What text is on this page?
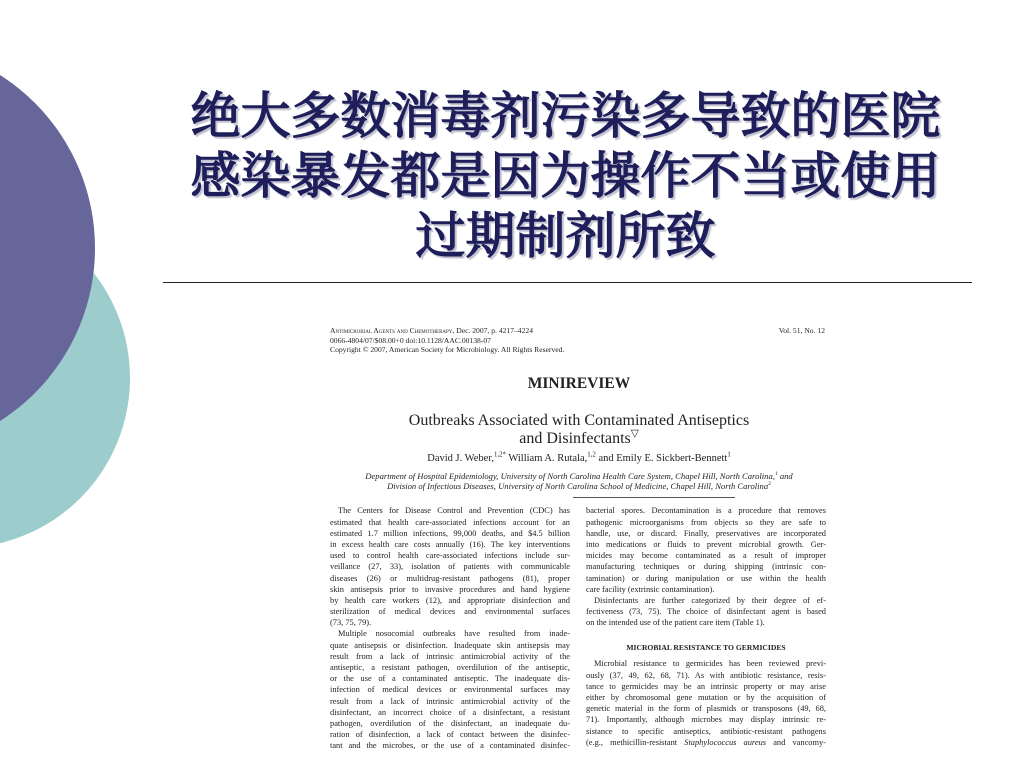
绝大多数消毒剂污染多导致的医院
感染暴发都是因为操作不当或使用
过期制剂所致
Antimicrobial Agents and Chemotherapy, Dec. 2007, p. 4217–4224
0066-4804/07/$08.00+0 doi:10.1128/AAC.00138-07
Copyright © 2007, American Society for Microbiology. All Rights Reserved.
Vol. 51, No. 12
MINIREVIEW
Outbreaks Associated with Contaminated Antiseptics
and Disinfectants▽
David J. Weber,$^{1,2*}$ William A. Rutala,$^{1,2}$ and Emily E. Sickbert-Bennett$^1$
Department of Hospital Epidemiology, University of North Carolina Health Care System, Chapel Hill, North Carolina,$^1$ and
Division of Infectious Diseases, University of North Carolina School of Medicine, Chapel Hill, North Carolina$^2$
The Centers for Disease Control and Prevention (CDC) has
estimated that health care-associated infections account for an
estimated 1.7 million infections, 99,000 deaths, and $4.5 billion
in excess health care costs annually (16). The key interventions
used to control health care-associated infections include sur-
veillance (27, 33), isolation of patients with communicable
diseases (26) or multidrug-resistant pathogens (81), proper
skin antisepsis prior to invasive procedures and hand hygiene
by health care workers (12), and appropriate disinfection and
sterilization of medical devices and environmental surfaces
(73, 75, 79).
Multiple nosocomial outbreaks have resulted from inade-
quate antisepsis or disinfection. Inadequate skin antisepsis may
result from a lack of intrinsic antimicrobial activity of the
antiseptic, a resistant pathogen, overdilution of the antiseptic,
or the use of a contaminated antiseptic. The inadequate dis-
infection of medical devices or environmental surfaces may
result from a lack of intrinsic antimicrobial activity of the
disinfectant, an incorrect choice of a disinfectant, a resistant
pathogen, overdilution of the disinfectant, an inadequate du-
ration of disinfection, a lack of contact between the disinfec-
tant and the microbes, or the use of a contaminated disinfec-
bacterial spores. Decontamination is a procedure that removes
pathogenic microorganisms from objects so they are safe to
handle, use, or discard. Finally, preservatives are incorporated
into medications or fluids to prevent microbial growth. Ger-
micides may become contaminated as a result of improper
manufacturing techniques or during shipping (intrinsic con-
tamination) or during manipulation or use within the health
care facility (extrinsic contamination).
Disinfectants are further categorized by their degree of ef-
fectiveness (73, 75). The choice of disinfectant agent is based
on the intended use of the patient care item (Table 1).
MICROBIAL RESISTANCE TO GERMICIDES
Microbial resistance to germicides has been reviewed previ-
ously (37, 49, 62, 68, 71). As with antibiotic resistance, resis-
tance to germicides may be an intrinsic property or may arise
either by chromosomal gene mutation or by the acquisition of
genetic material in the form of plasmids or transposons (49, 68,
71). Importantly, although microbes may display intrinsic re-
sistance to specific antiseptics, antibiotic-resistant pathogens
(e.g., methicillin-resistant Staphylococcus aureus and vancomy-
